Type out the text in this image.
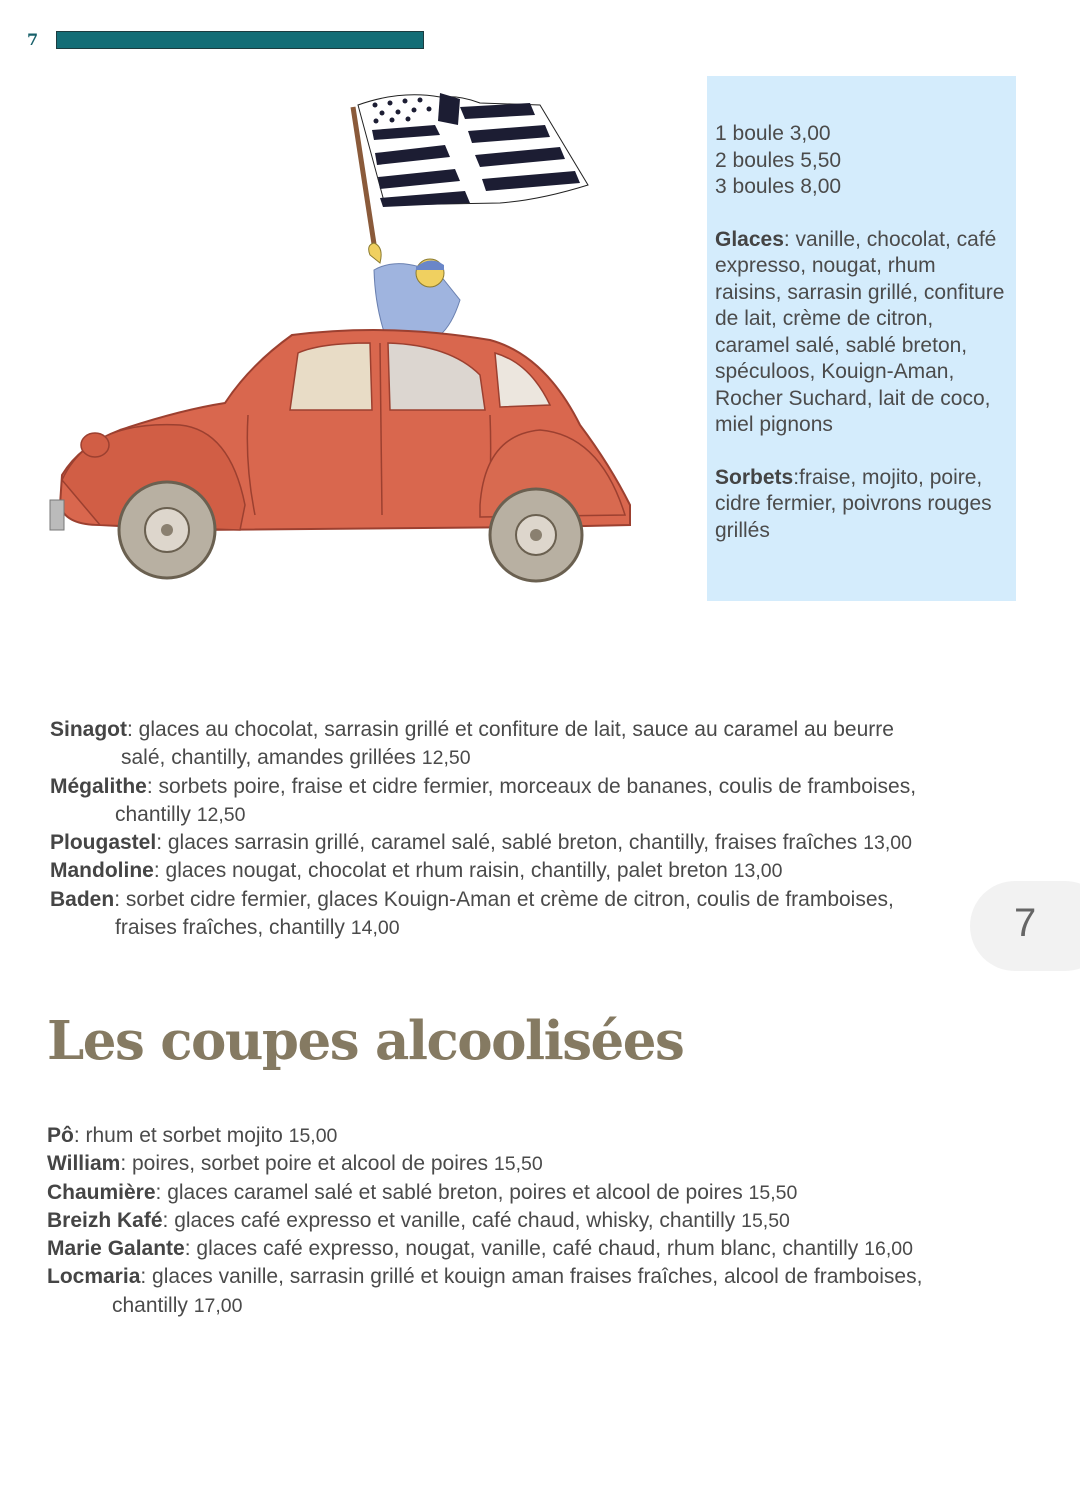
7
1 boule 3,00
2 boules 5,50
3 boules 8,00
Glaces: vanille, chocolat, café expresso, nougat, rhum raisins, sarrasin grillé, confiture de lait, crème de citron, caramel salé, sablé breton, spéculoos, Kouign-Aman, Rocher Suchard, lait de coco, miel pignons
Sorbets:fraise, mojito, poire, cidre fermier, poivrons rouges grillés
Sinagot: glaces au chocolat, sarrasin grillé et confiture de lait, sauce au caramel au beurre
salé, chantilly, amandes grillées 12,50
Mégalithe: sorbets poire, fraise et cidre fermier, morceaux de bananes, coulis de framboises,
chantilly 12,50
Plougastel: glaces sarrasin grillé, caramel salé, sablé breton, chantilly, fraises fraîches 13,00
Mandoline: glaces nougat, chocolat et rhum raisin, chantilly, palet breton 13,00
Baden: sorbet cidre fermier, glaces Kouign-Aman et crème de citron, coulis de framboises,
fraises fraîches, chantilly 14,00	7
Les coupes alcoolisées
Pô: rhum et sorbet mojito 15,00
William: poires, sorbet poire et alcool de poires 15,50
Chaumière: glaces caramel salé et sablé breton, poires et alcool de poires 15,50
Breizh Kafé: glaces café expresso et vanille, café chaud, whisky, chantilly 15,50
Marie Galante: glaces café expresso, nougat, vanille, café chaud, rhum blanc, chantilly 16,00
Locmaria: glaces vanille, sarrasin grillé et kouign aman fraises fraîches, alcool de framboises,
chantilly 17,00
